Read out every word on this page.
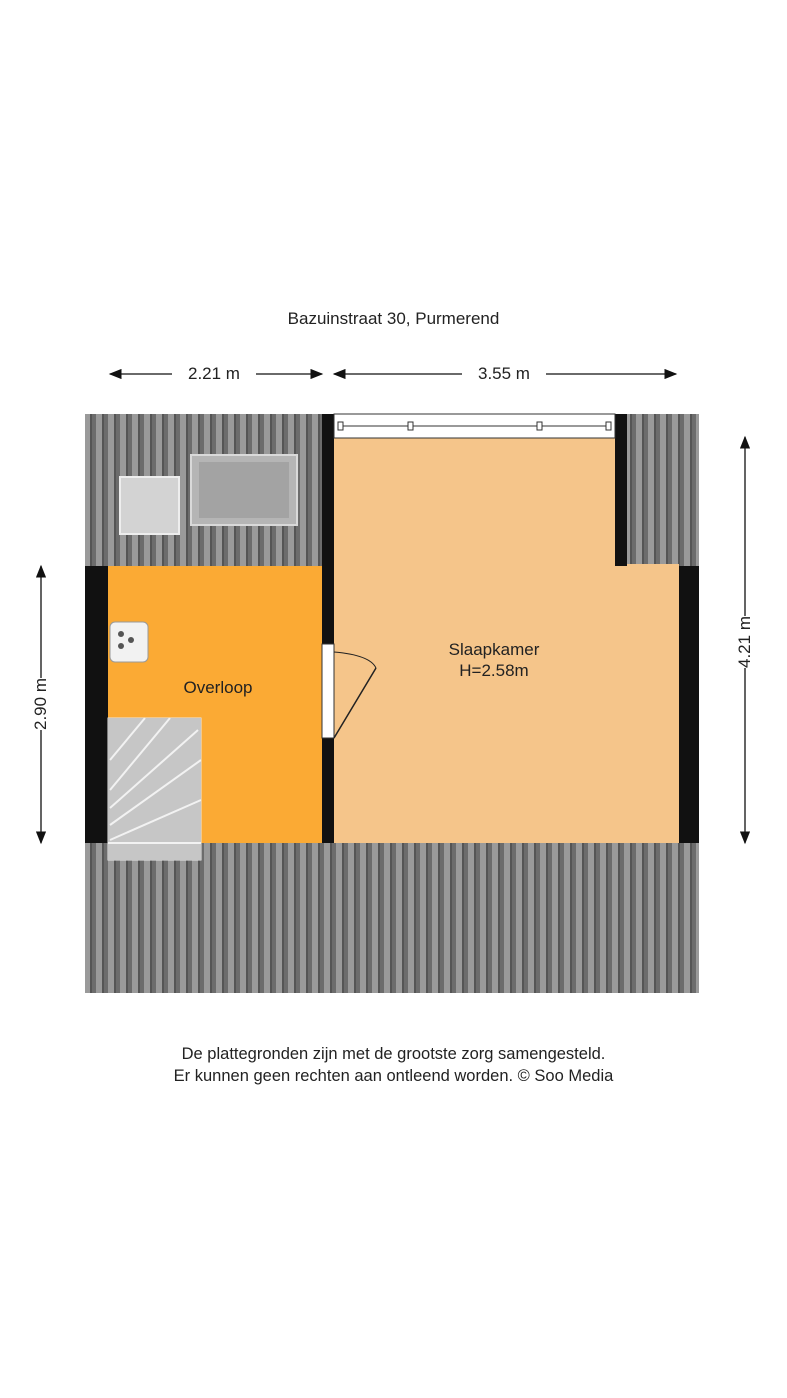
Bazuinstraat 30, Purmerend
2.21 m	3.55 m
2.90 m
4.21 m
Overloop
Slaapkamer
H=2.58m
De plattegronden zijn met de grootste zorg samengesteld.
Er kunnen geen rechten aan ontleend worden. © Soo Media
